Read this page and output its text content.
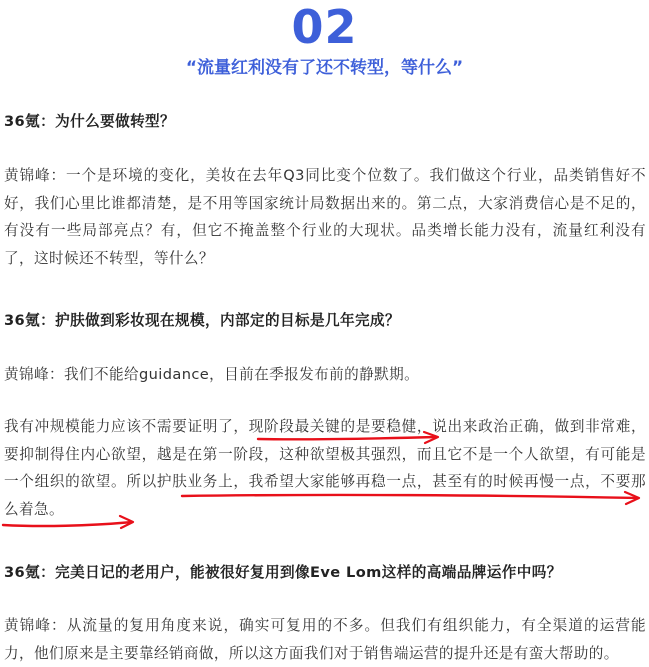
02
“流量红利没有了还不转型，等什么”

36氪：为什么要做转型？

黄锦峰：一个是环境的变化，美妆在去年Q3同比变个位数了。我们做这个行业，品类销售好不好，我们心里比谁都清楚，是不用等国家统计局数据出来的。第二点，大家消费信心是不足的，有没有一些局部亮点？有，但它不掩盖整个行业的大现状。品类增长能力没有，流量红利没有了，这时候还不转型，等什么？

36氪：护肤做到彩妆现在规模，内部定的目标是几年完成？

黄锦峰：我们不能给guidance，目前在季报发布前的静默期。

我有冲规模能力应该不需要证明了，现阶段最关键的是要稳健，说出来政治正确，做到非常难，要抑制得住内心欲望，越是在第一阶段，这种欲望极其强烈，而且它不是一个人欲望，有可能是一个组织的欲望。所以护肤业务上，我希望大家能够再稳一点，甚至有的时候再慢一点，不要那么着急。

36氪：完美日记的老用户，能被很好复用到像Eve Lom这样的高端品牌运作中吗？

黄锦峰：从流量的复用角度来说，确实可复用的不多。但我们有组织能力，有全渠道的运营能力，他们原来是主要靠经销商做，所以这方面我们对于销售端运营的提升还是有蛮大帮助的。
